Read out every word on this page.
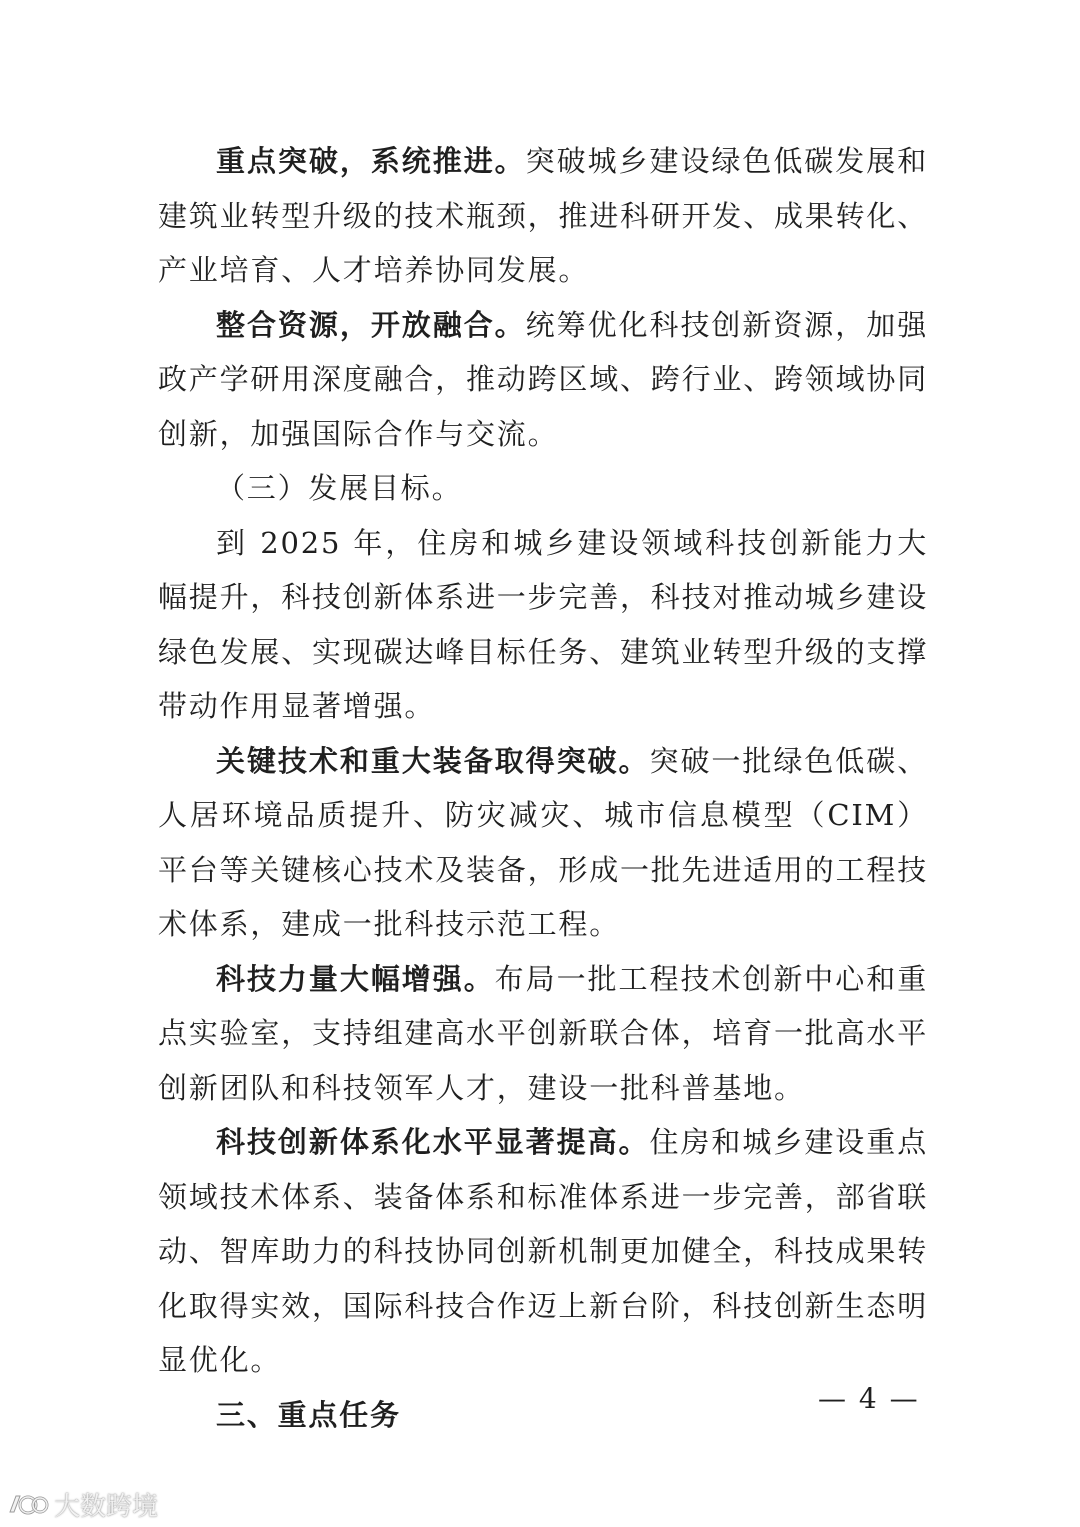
重点突破，系统推进。突破城乡建设绿色低碳发展和建筑业转型升级的技术瓶颈，推进科研开发、成果转化、产业培育、人才培养协同发展。

整合资源，开放融合。统筹优化科技创新资源，加强政产学研用深度融合，推动跨区域、跨行业、跨领域协同创新，加强国际合作与交流。

（三）发展目标。

到 2025 年，住房和城乡建设领域科技创新能力大幅提升，科技创新体系进一步完善，科技对推动城乡建设绿色发展、实现碳达峰目标任务、建筑业转型升级的支撑带动作用显著增强。

关键技术和重大装备取得突破。突破一批绿色低碳、人居环境品质提升、防灾减灾、城市信息模型（CIM）平台等关键核心技术及装备，形成一批先进适用的工程技术体系，建成一批科技示范工程。

科技力量大幅增强。布局一批工程技术创新中心和重点实验室，支持组建高水平创新联合体，培育一批高水平创新团队和科技领军人才，建设一批科普基地。

科技创新体系化水平显著提高。住房和城乡建设重点领域技术体系、装备体系和标准体系进一步完善，部省联动、智库助力的科技协同创新机制更加健全，科技成果转化取得实效，国际科技合作迈上新台阶，科技创新生态明显优化。

三、重点任务	— 4 —
大数跨境
